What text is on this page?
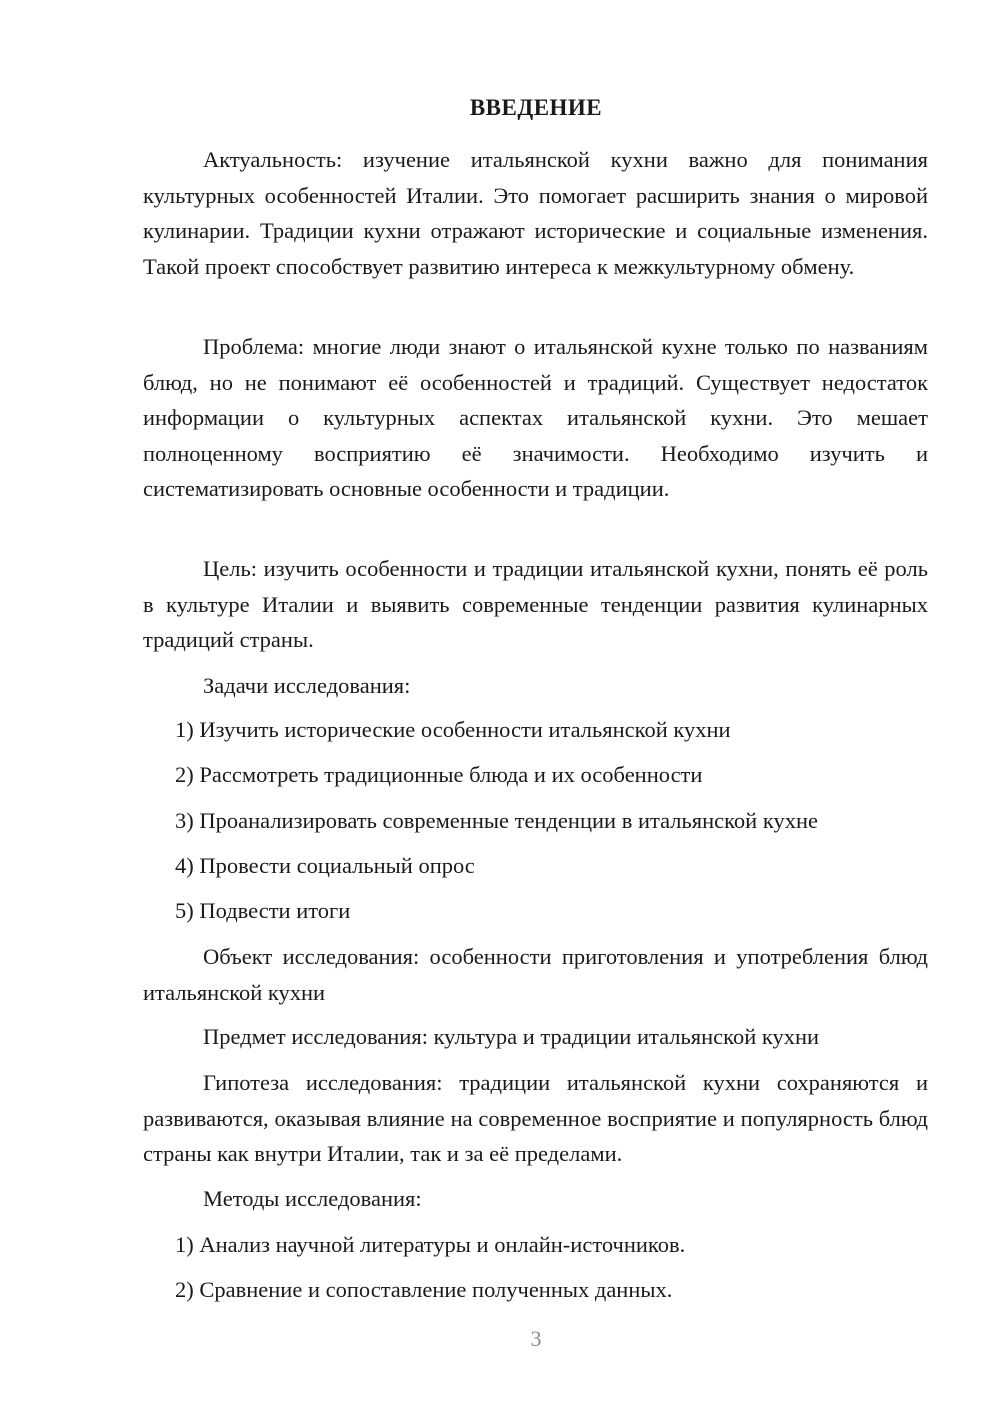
ВВЕДЕНИЕ

Актуальность: изучение итальянской кухни важно для понимания культурных особенностей Италии. Это помогает расширить знания о мировой кулинарии. Традиции кухни отражают исторические и социальные изменения. Такой проект способствует развитию интереса к межкультурному обмену.

Проблема: многие люди знают о итальянской кухне только по названиям блюд, но не понимают её особенностей и традиций. Существует недостаток информации о культурных аспектах итальянской кухни. Это мешает полноценному восприятию её значимости. Необходимо изучить и систематизировать основные особенности и традиции.

Цель: изучить особенности и традиции итальянской кухни, понять её роль в культуре Италии и выявить современные тенденции развития кулинарных традиций страны.

Задачи исследования:

1) Изучить исторические особенности итальянской кухни
2) Рассмотреть традиционные блюда и их особенности
3) Проанализировать современные тенденции в итальянской кухне
4) Провести социальный опрос
5) Подвести итоги

Объект исследования: особенности приготовления и употребления блюд итальянской кухни

Предмет исследования: культура и традиции итальянской кухни

Гипотеза исследования: традиции итальянской кухни сохраняются и развиваются, оказывая влияние на современное восприятие и популярность блюд страны как внутри Италии, так и за её пределами.

Методы исследования:

1) Анализ научной литературы и онлайн-источников.
2) Сравнение и сопоставление полученных данных.
3
